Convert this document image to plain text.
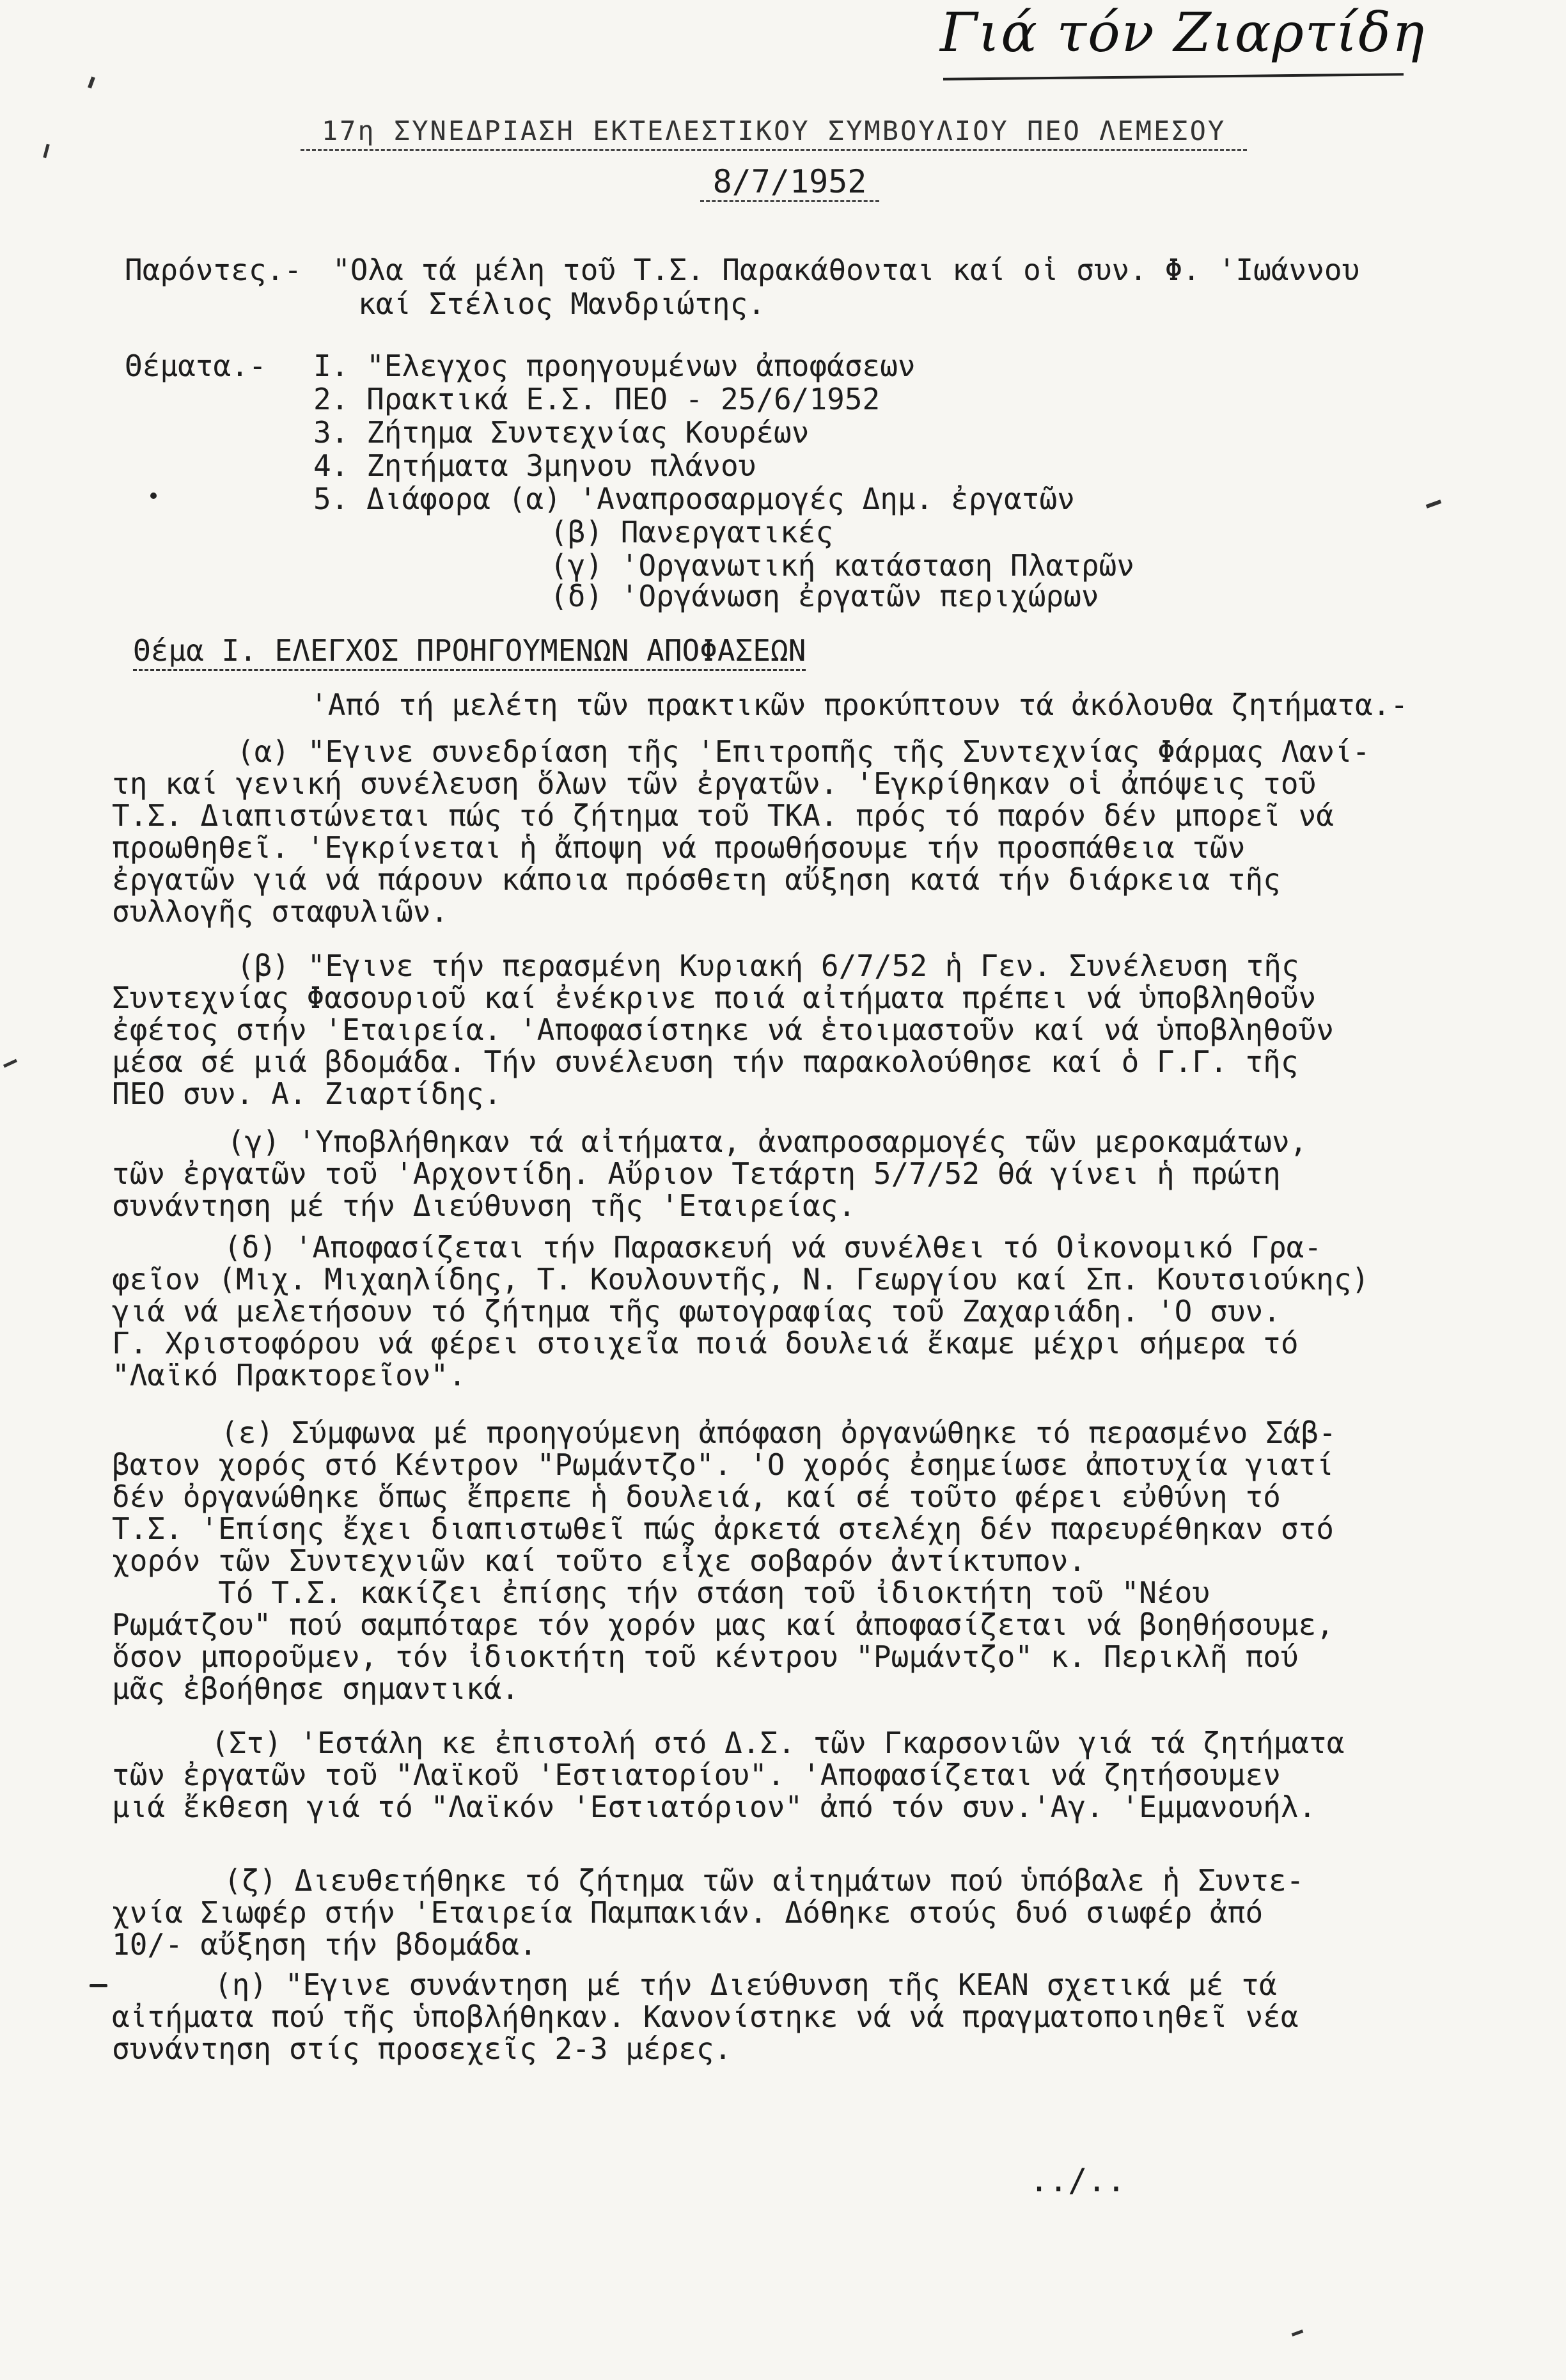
Γιά τόν Ζιαρτίδη
17η ΣΥΝΕΔΡΙΑΣΗ ΕΚΤΕΛΕΣΤΙΚΟΥ ΣΥΜΒΟΥΛΙΟΥ ΠΕΟ ΛΕΜΕΣΟΥ
8/7/1952
Παρόντες.- "Ολα τά μέλη τοῦ Τ.Σ. Παρακάθονται καί οἱ συν. Φ. 'Ιωάννου
καί Στέλιος Μανδριώτης.
Θέματα.- Ι. "Ελεγχος προηγουμένων ἀποφάσεων
2. Πρακτικά Ε.Σ. ΠΕΟ - 25/6/1952
3. Ζήτημα Συντεχνίας Κουρέων
4. Ζητήματα 3μηνου πλάνου
5. Διάφορα (α) 'Αναπροσαρμογές Δημ. ἐργατῶν
(β) Πανεργατικές
(γ) 'Οργανωτική κατάσταση Πλατρῶν
(δ) 'Οργάνωση ἐργατῶν περιχώρων
Θέμα Ι. ΕΛΕΓΧΟΣ ΠΡΟΗΓΟΥΜΕΝΩΝ ΑΠΟΦΑΣΕΩΝ
'Από τή μελέτη τῶν πρακτικῶν προκύπτουν τά ἀκόλουθα ζητήματα.-
(α) "Εγινε συνεδρίαση τῆς 'Επιτροπῆς τῆς Συντεχνίας Φάρμας Λανί-
τη καί γενική συνέλευση ὅλων τῶν ἐργατῶν. 'Εγκρίθηκαν οἱ ἀπόψεις τοῦ
Τ.Σ. Διαπιστώνεται πώς τό ζήτημα τοῦ ΤΚΑ. πρός τό παρόν δέν μπορεῖ νά
προωθηθεῖ. 'Εγκρίνεται ἡ ἄποψη νά προωθήσουμε τήν προσπάθεια τῶν
ἐργατῶν γιά νά πάρουν κάποια πρόσθετη αὔξηση κατά τήν διάρκεια τῆς
συλλογῆς σταφυλιῶν.
(β) "Εγινε τήν περασμένη Κυριακή 6/7/52 ἡ Γεν. Συνέλευση τῆς
Συντεχνίας Φασουριοῦ καί ἐνέκρινε ποιά αἰτήματα πρέπει νά ὑποβληθοῦν
ἐφέτος στήν 'Εταιρεία. 'Αποφασίστηκε νά ἑτοιμαστοῦν καί νά ὑποβληθοῦν
μέσα σέ μιά βδομάδα. Τήν συνέλευση τήν παρακολούθησε καί ὁ Γ.Γ. τῆς
ΠΕΟ συν. Α. Ζιαρτίδης.
(γ) 'Υποβλήθηκαν τά αἰτήματα, ἀναπροσαρμογές τῶν μεροκαμάτων,
τῶν ἐργατῶν τοῦ 'Αρχοντίδη. Αὔριον Τετάρτη 5/7/52 θά γίνει ἡ πρώτη
συνάντηση μέ τήν Διεύθυνση τῆς 'Εταιρείας.
(δ) 'Αποφασίζεται τήν Παρασκευή νά συνέλθει τό Οἰκονομικό Γρα-
φεῖον (Μιχ. Μιχαηλίδης, Τ. Κουλουντῆς, Ν. Γεωργίου καί Σπ. Κουτσιούκης)
γιά νά μελετήσουν τό ζήτημα τῆς φωτογραφίας τοῦ Ζαχαριάδη. 'Ο συν.
Γ. Χριστοφόρου νά φέρει στοιχεῖα ποιά δουλειά ἔκαμε μέχρι σήμερα τό
"Λαϊκό Πρακτορεῖον".
(ε) Σύμφωνα μέ προηγούμενη ἀπόφαση ὀργανώθηκε τό περασμένο Σάβ-
βατον χορός στό Κέντρον "Ρωμάντζο". 'Ο χορός ἐσημείωσε ἀποτυχία γιατί
δέν ὀργανώθηκε ὅπως ἔπρεπε ἡ δουλειά, καί σέ τοῦτο φέρει εὐθύνη τό
Τ.Σ. 'Επίσης ἔχει διαπιστωθεῖ πώς ἀρκετά στελέχη δέν παρευρέθηκαν στό
χορόν τῶν Συντεχνιῶν καί τοῦτο εἶχε σοβαρόν ἀντίκτυπον.
Τό Τ.Σ. κακίζει ἐπίσης τήν στάση τοῦ ἰδιοκτήτη τοῦ "Νέου
Ρωμάτζου" πού σαμπόταρε τόν χορόν μας καί ἀποφασίζεται νά βοηθήσουμε,
ὅσον μποροῦμεν, τόν ἰδιοκτήτη τοῦ κέντρου "Ρωμάντζο" κ. Περικλῆ πού
μᾶς ἐβοήθησε σημαντικά.
(Στ) 'Εστάλη κε ἐπιστολή στό Δ.Σ. τῶν Γκαρσονιῶν γιά τά ζητήματα
τῶν ἐργατῶν τοῦ "Λαϊκοῦ 'Εστιατορίου". 'Αποφασίζεται νά ζητήσουμεν
μιά ἔκθεση γιά τό "Λαϊκόν 'Εστιατόριον" ἀπό τόν συν.'Αγ. 'Εμμανουήλ.
(ζ) Διευθετήθηκε τό ζήτημα τῶν αἰτημάτων πού ὑπόβαλε ἡ Συντε-
χνία Σιωφέρ στήν 'Εταιρεία Παμπακιάν. Δόθηκε στούς δυό σιωφέρ ἀπό
10/- αὔξηση τήν βδομάδα.
(η) "Εγινε συνάντηση μέ τήν Διεύθυνση τῆς ΚΕΑΝ σχετικά μέ τά
αἰτήματα πού τῆς ὑποβλήθηκαν. Κανονίστηκε νά νά πραγματοποιηθεῖ νέα
συνάντηση στίς προσεχεῖς 2-3 μέρες.
../..
